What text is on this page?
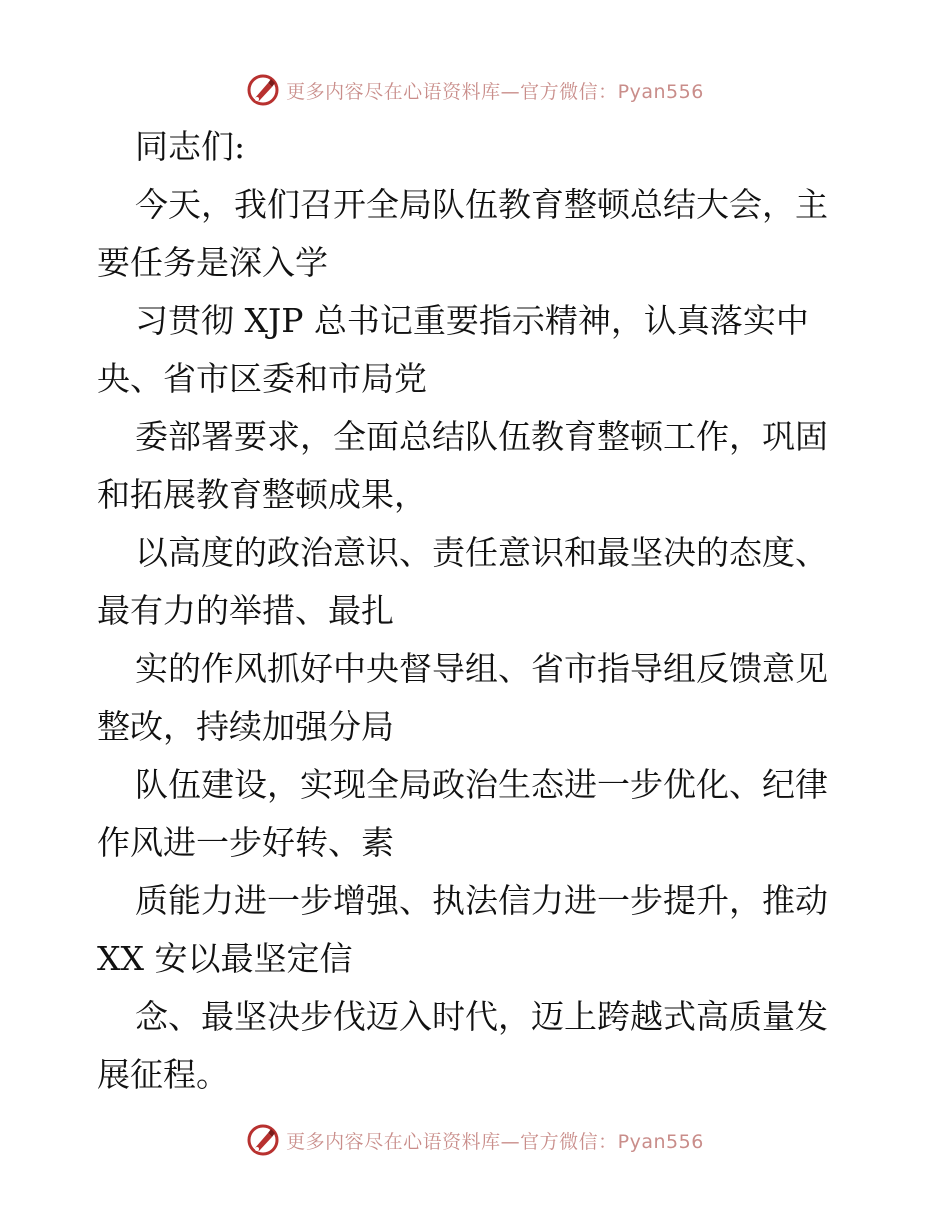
更多内容尽在心语资料库—官方微信：Pyan556

同志们:

今天，我们召开全局队伍教育整顿总结大会，主

要任务是深入学

习贯彻 XJP 总书记重要指示精神，认真落实中

央、省市区委和市局党

委部署要求，全面总结队伍教育整顿工作，巩固

和拓展教育整顿成果，

以高度的政治意识、责任意识和最坚决的态度、

最有力的举措、最扎

实的作风抓好中央督导组、省市指导组反馈意见

整改，持续加强分局

队伍建设，实现全局政治生态进一步优化、纪律

作风进一步好转、素

质能力进一步增强、执法信力进一步提升，推动

XX 安以最坚定信

念、最坚决步伐迈入时代，迈上跨越式高质量发

展征程。

更多内容尽在心语资料库—官方微信：Pyan556
